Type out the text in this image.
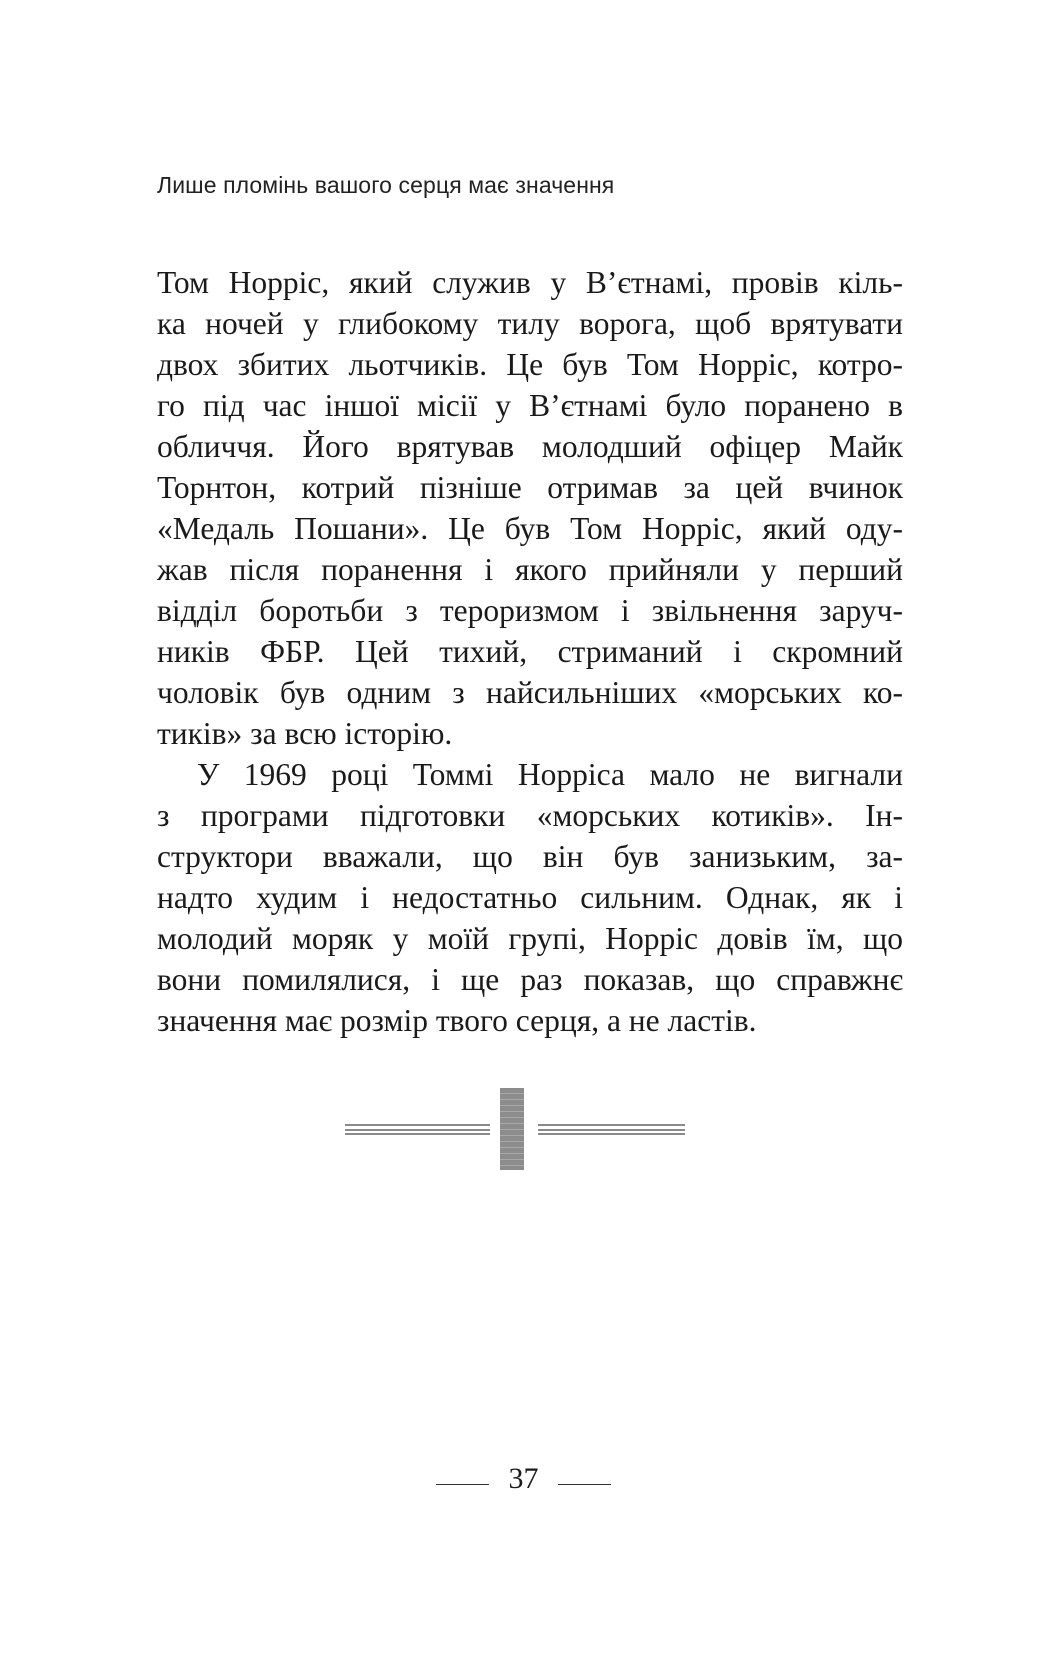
Лише пломінь вашого серця має значення
Том Норріс, який служив у В’єтнамі, провів кіль-
ка ночей у глибокому тилу ворога, щоб врятувати
двох збитих льотчиків. Це був Том Норріс, котро-
го під час іншої місії у В’єтнамі було поранено в
обличчя. Його врятував молодший офіцер Майк
Торнтон, котрий пізніше отримав за цей вчинок
«Медаль Пошани». Це був Том Норріс, який оду-
жав після поранення і якого прийняли у перший
відділ боротьби з тероризмом і звільнення заруч-
ників ФБР. Цей тихий, стриманий і скромний
чоловік був одним з найсильніших «морських ко-
тиків» за всю історію.
У 1969 році Томмі Норріса мало не вигнали
з програми підготовки «морських котиків». Ін-
структори вважали, що він був занизьким, за-
надто худим і недостатньо сильним. Однак, як і
молодий моряк у моїй групі, Норріс довів їм, що
вони помилялися, і ще раз показав, що справжнє
значення має розмір твого серця, а не ластів.
37
